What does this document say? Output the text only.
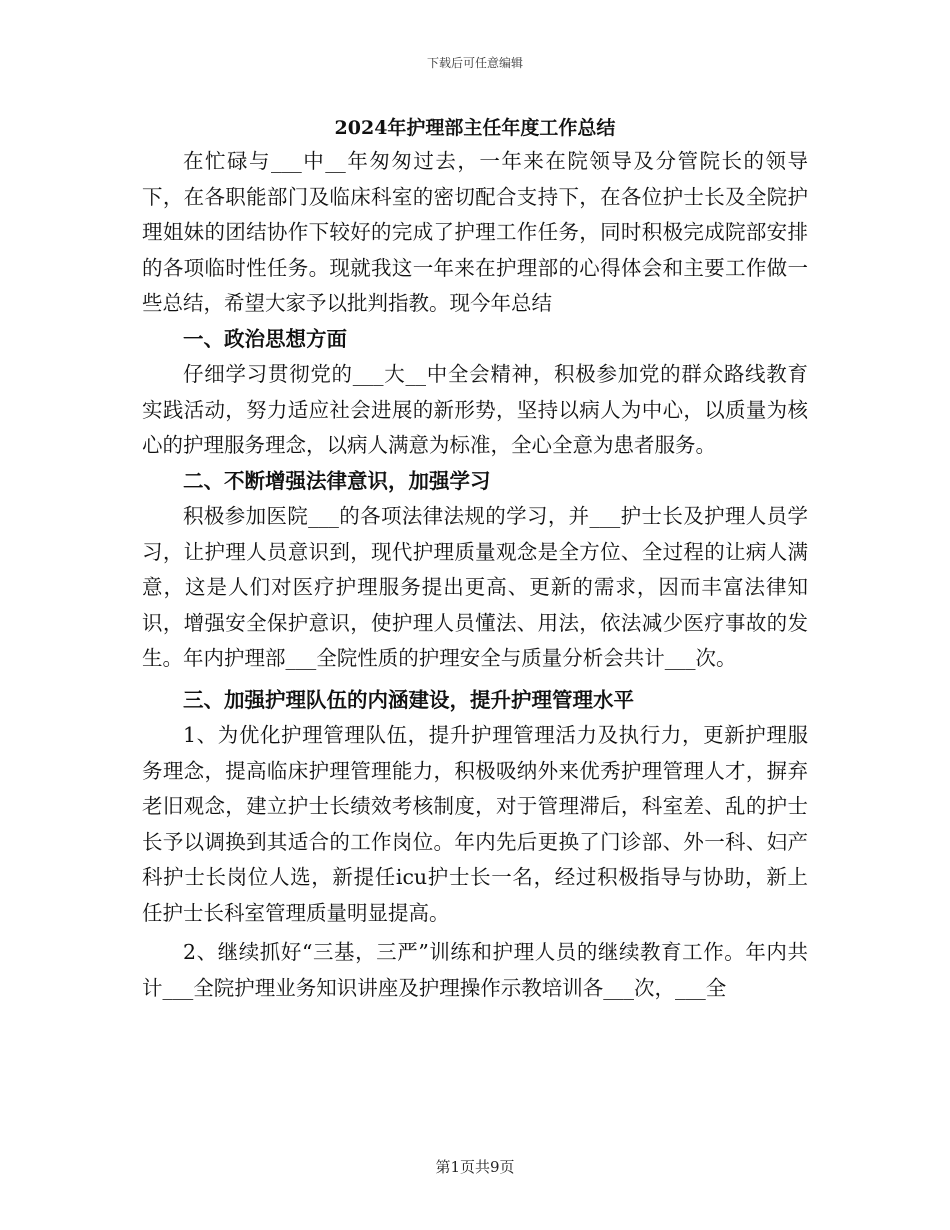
下载后可任意编辑
2024年护理部主任年度工作总结

在忙碌与___中__年匆匆过去，一年来在院领导及分管院长的领导下，在各职能部门及临床科室的密切配合支持下，在各位护士长及全院护理姐妹的团结协作下较好的完成了护理工作任务，同时积极完成院部安排的各项临时性任务。现就我这一年来在护理部的心得体会和主要工作做一些总结，希望大家予以批判指教。现今年总结

一、政治思想方面

仔细学习贯彻党的___大__中全会精神，积极参加党的群众路线教育实践活动，努力适应社会进展的新形势，坚持以病人为中心，以质量为核心的护理服务理念，以病人满意为标准，全心全意为患者服务。

二、不断增强法律意识，加强学习

积极参加医院___的各项法律法规的学习，并___护士长及护理人员学习，让护理人员意识到，现代护理质量观念是全方位、全过程的让病人满意，这是人们对医疗护理服务提出更高、更新的需求，因而丰富法律知识，增强安全保护意识，使护理人员懂法、用法，依法减少医疗事故的发生。年内护理部___全院性质的护理安全与质量分析会共计___次。

三、加强护理队伍的内涵建设，提升护理管理水平

1、为优化护理管理队伍，提升护理管理活力及执行力，更新护理服务理念，提高临床护理管理能力，积极吸纳外来优秀护理管理人才，摒弃老旧观念，建立护士长绩效考核制度，对于管理滞后，科室差、乱的护士长予以调换到其适合的工作岗位。年内先后更换了门诊部、外一科、妇产科护士长岗位人选，新提任icu护士长一名，经过积极指导与协助，新上任护士长科室管理质量明显提高。

2、继续抓好“三基，三严”训练和护理人员的继续教育工作。年内共计___全院护理业务知识讲座及护理操作示教培训各___次，___全

第1页共9页
